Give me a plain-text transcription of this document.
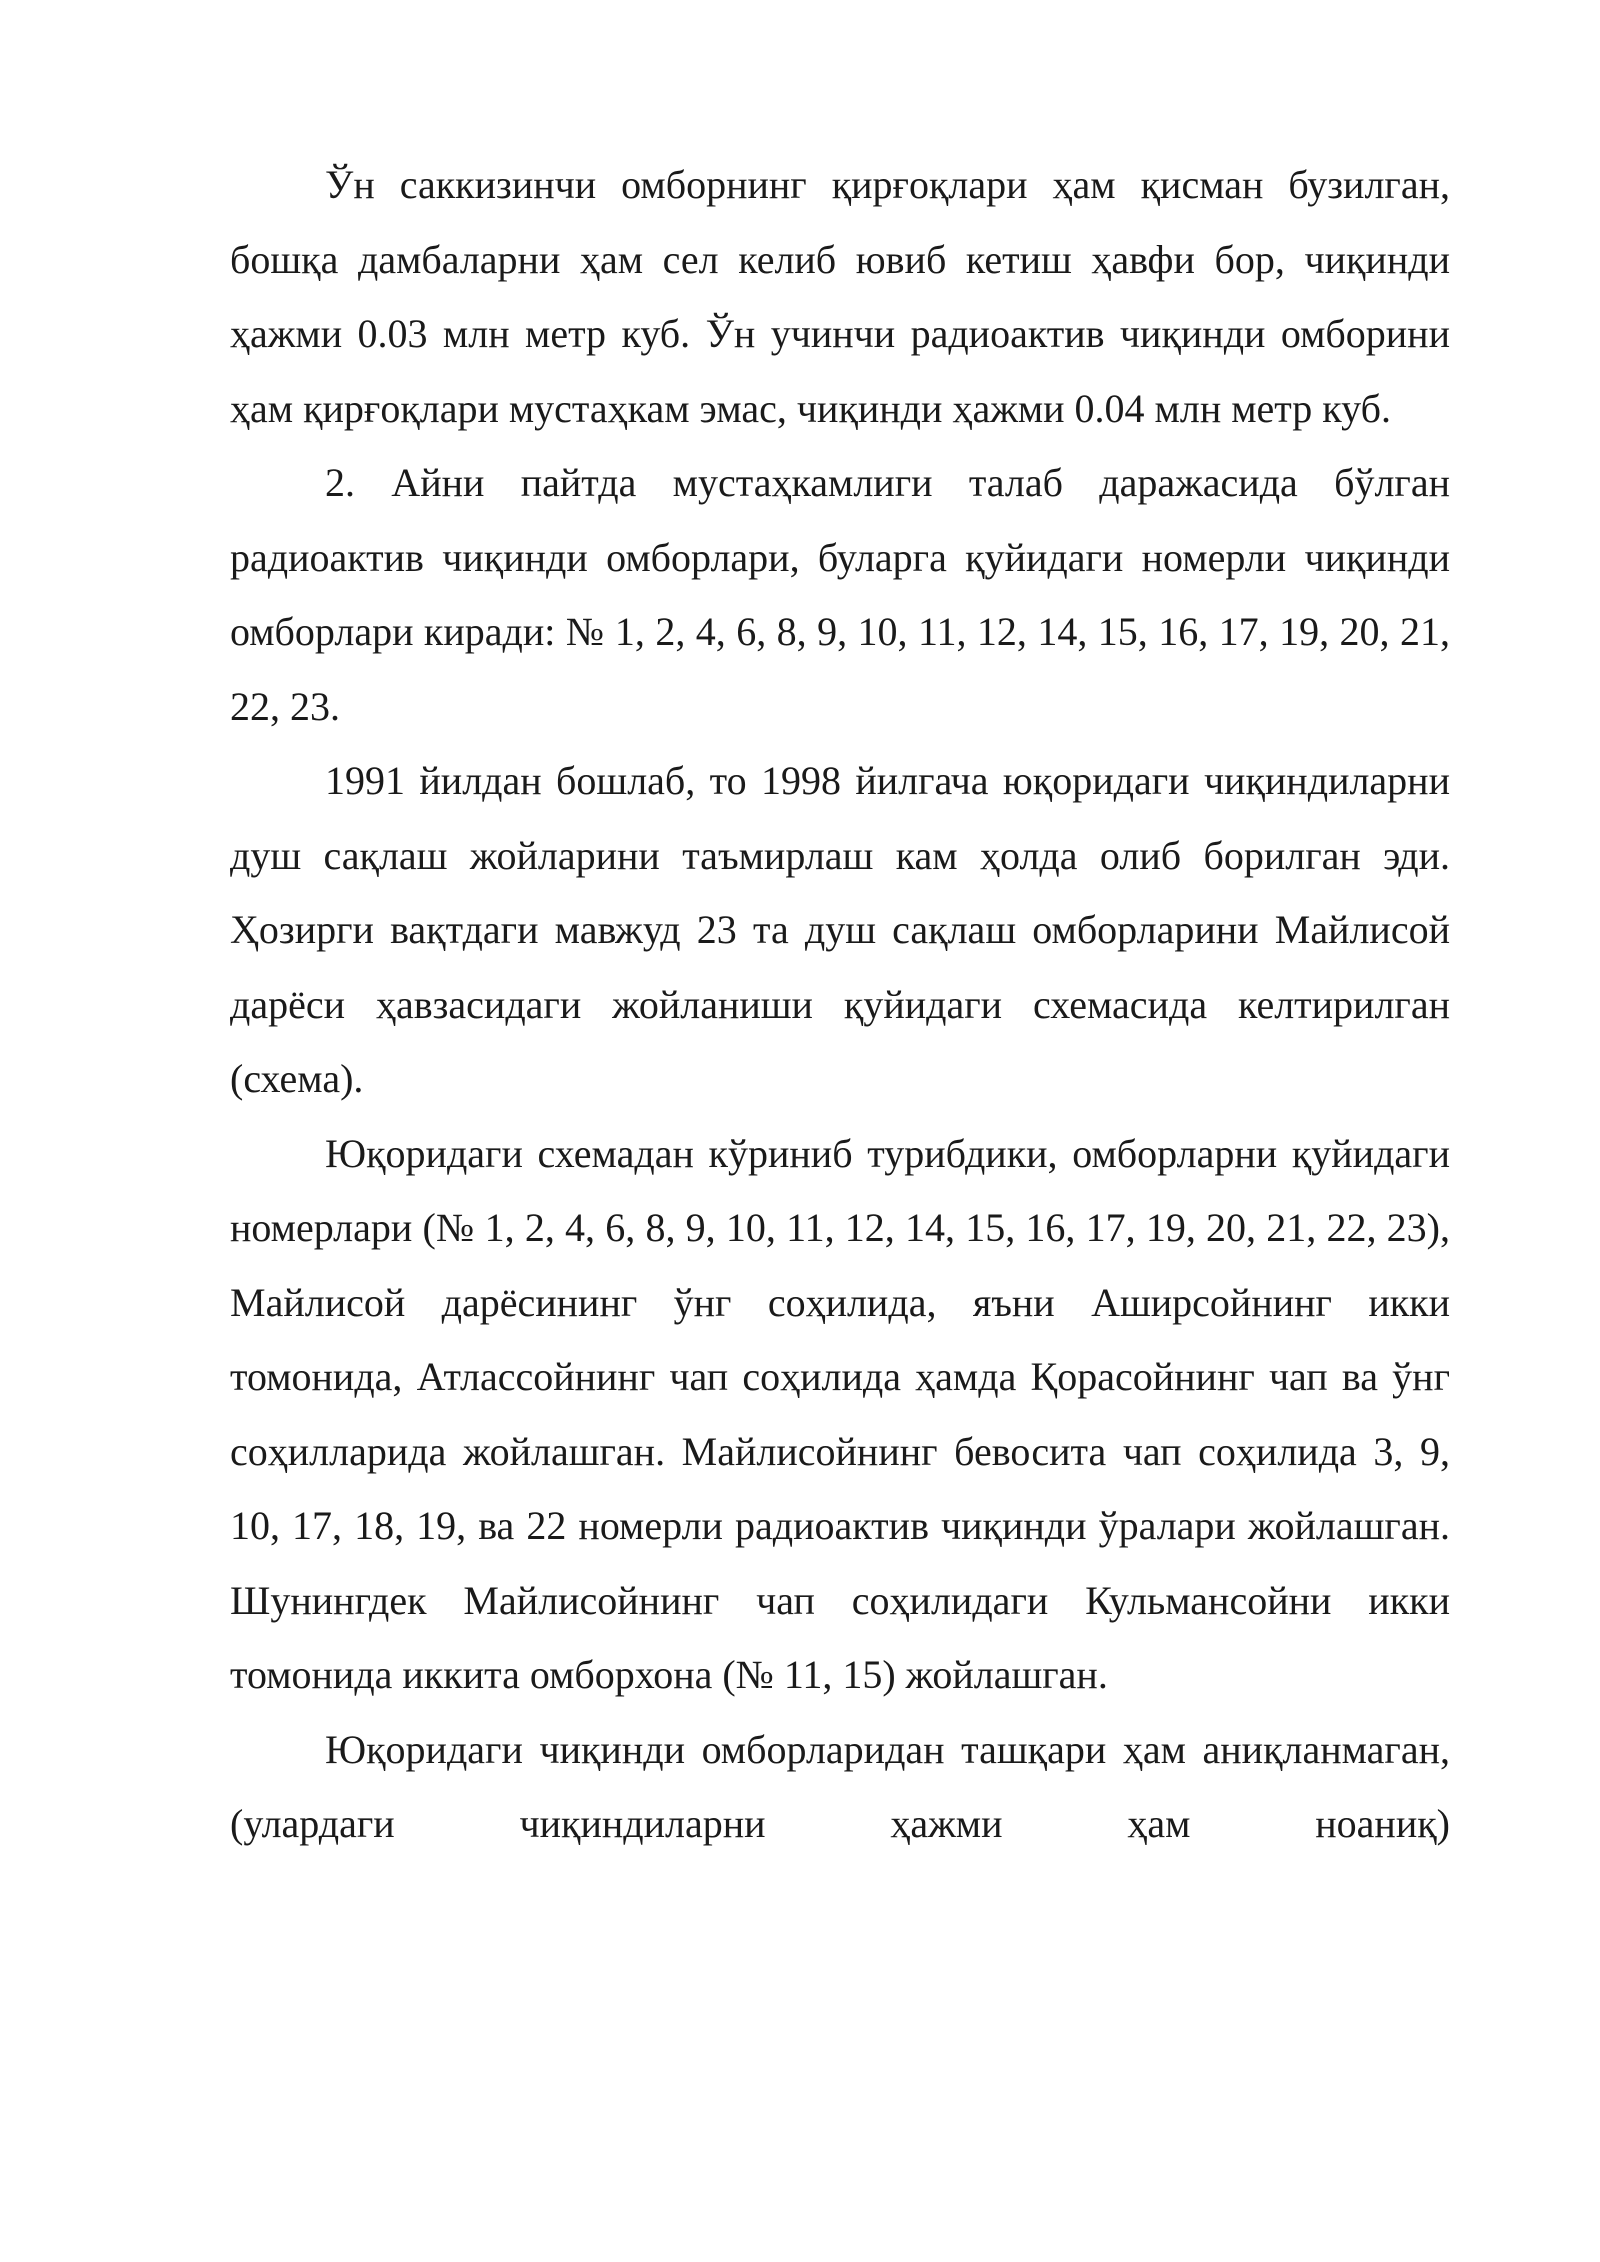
Ўн саккизинчи омборнинг қирғоқлари ҳам қисман бузилган, бошқа дамбаларни ҳам сел келиб ювиб кетиш ҳавфи бор, чиқинди ҳажми 0.03 млн метр куб. Ўн учинчи радиоактив чиқинди омборини ҳам қирғоқлари мустаҳкам эмас, чиқинди ҳажми 0.04 млн метр куб.

2. Айни пайтда мустаҳкамлиги талаб даражасида бўлган радиоактив чиқинди омборлари, буларга қуйидаги номерли чиқинди омборлари киради: № 1, 2, 4, 6, 8, 9, 10, 11, 12, 14, 15, 16, 17, 19, 20, 21, 22, 23.

1991 йилдан бошлаб, то 1998 йилгача юқоридаги чиқиндиларни душ сақлаш жойларини таъмирлаш кам ҳолда олиб борилган эди. Ҳозирги вақтдаги мавжуд 23 та душ сақлаш омборларини Майлисой дарёси ҳавзасидаги жойланиши қуйидаги схемасида келтирилган (схема).

Юқоридаги схемадан кўриниб турибдики, омборларни қуйидаги номерлари (№ 1, 2, 4, 6, 8, 9, 10, 11, 12, 14, 15, 16, 17, 19, 20, 21, 22, 23), Майлисой дарёсининг ўнг соҳилида, яъни Аширсойнинг икки томонида, Атлассойнинг чап соҳилида ҳамда Қорасойнинг чап ва ўнг соҳилларида жойлашган. Майлисойнинг бевосита чап соҳилида 3, 9, 10, 17, 18, 19, ва 22 номерли радиоактив чиқинди ўралари жойлашган. Шунингдек Майлисойнинг чап соҳилидаги Кульмансойни икки томонида иккита омборхона (№ 11, 15) жойлашган.

Юқоридаги чиқинди омборларидан ташқари ҳам аниқланмаган, (улардаги чиқиндиларни ҳажми ҳам ноаниқ)
